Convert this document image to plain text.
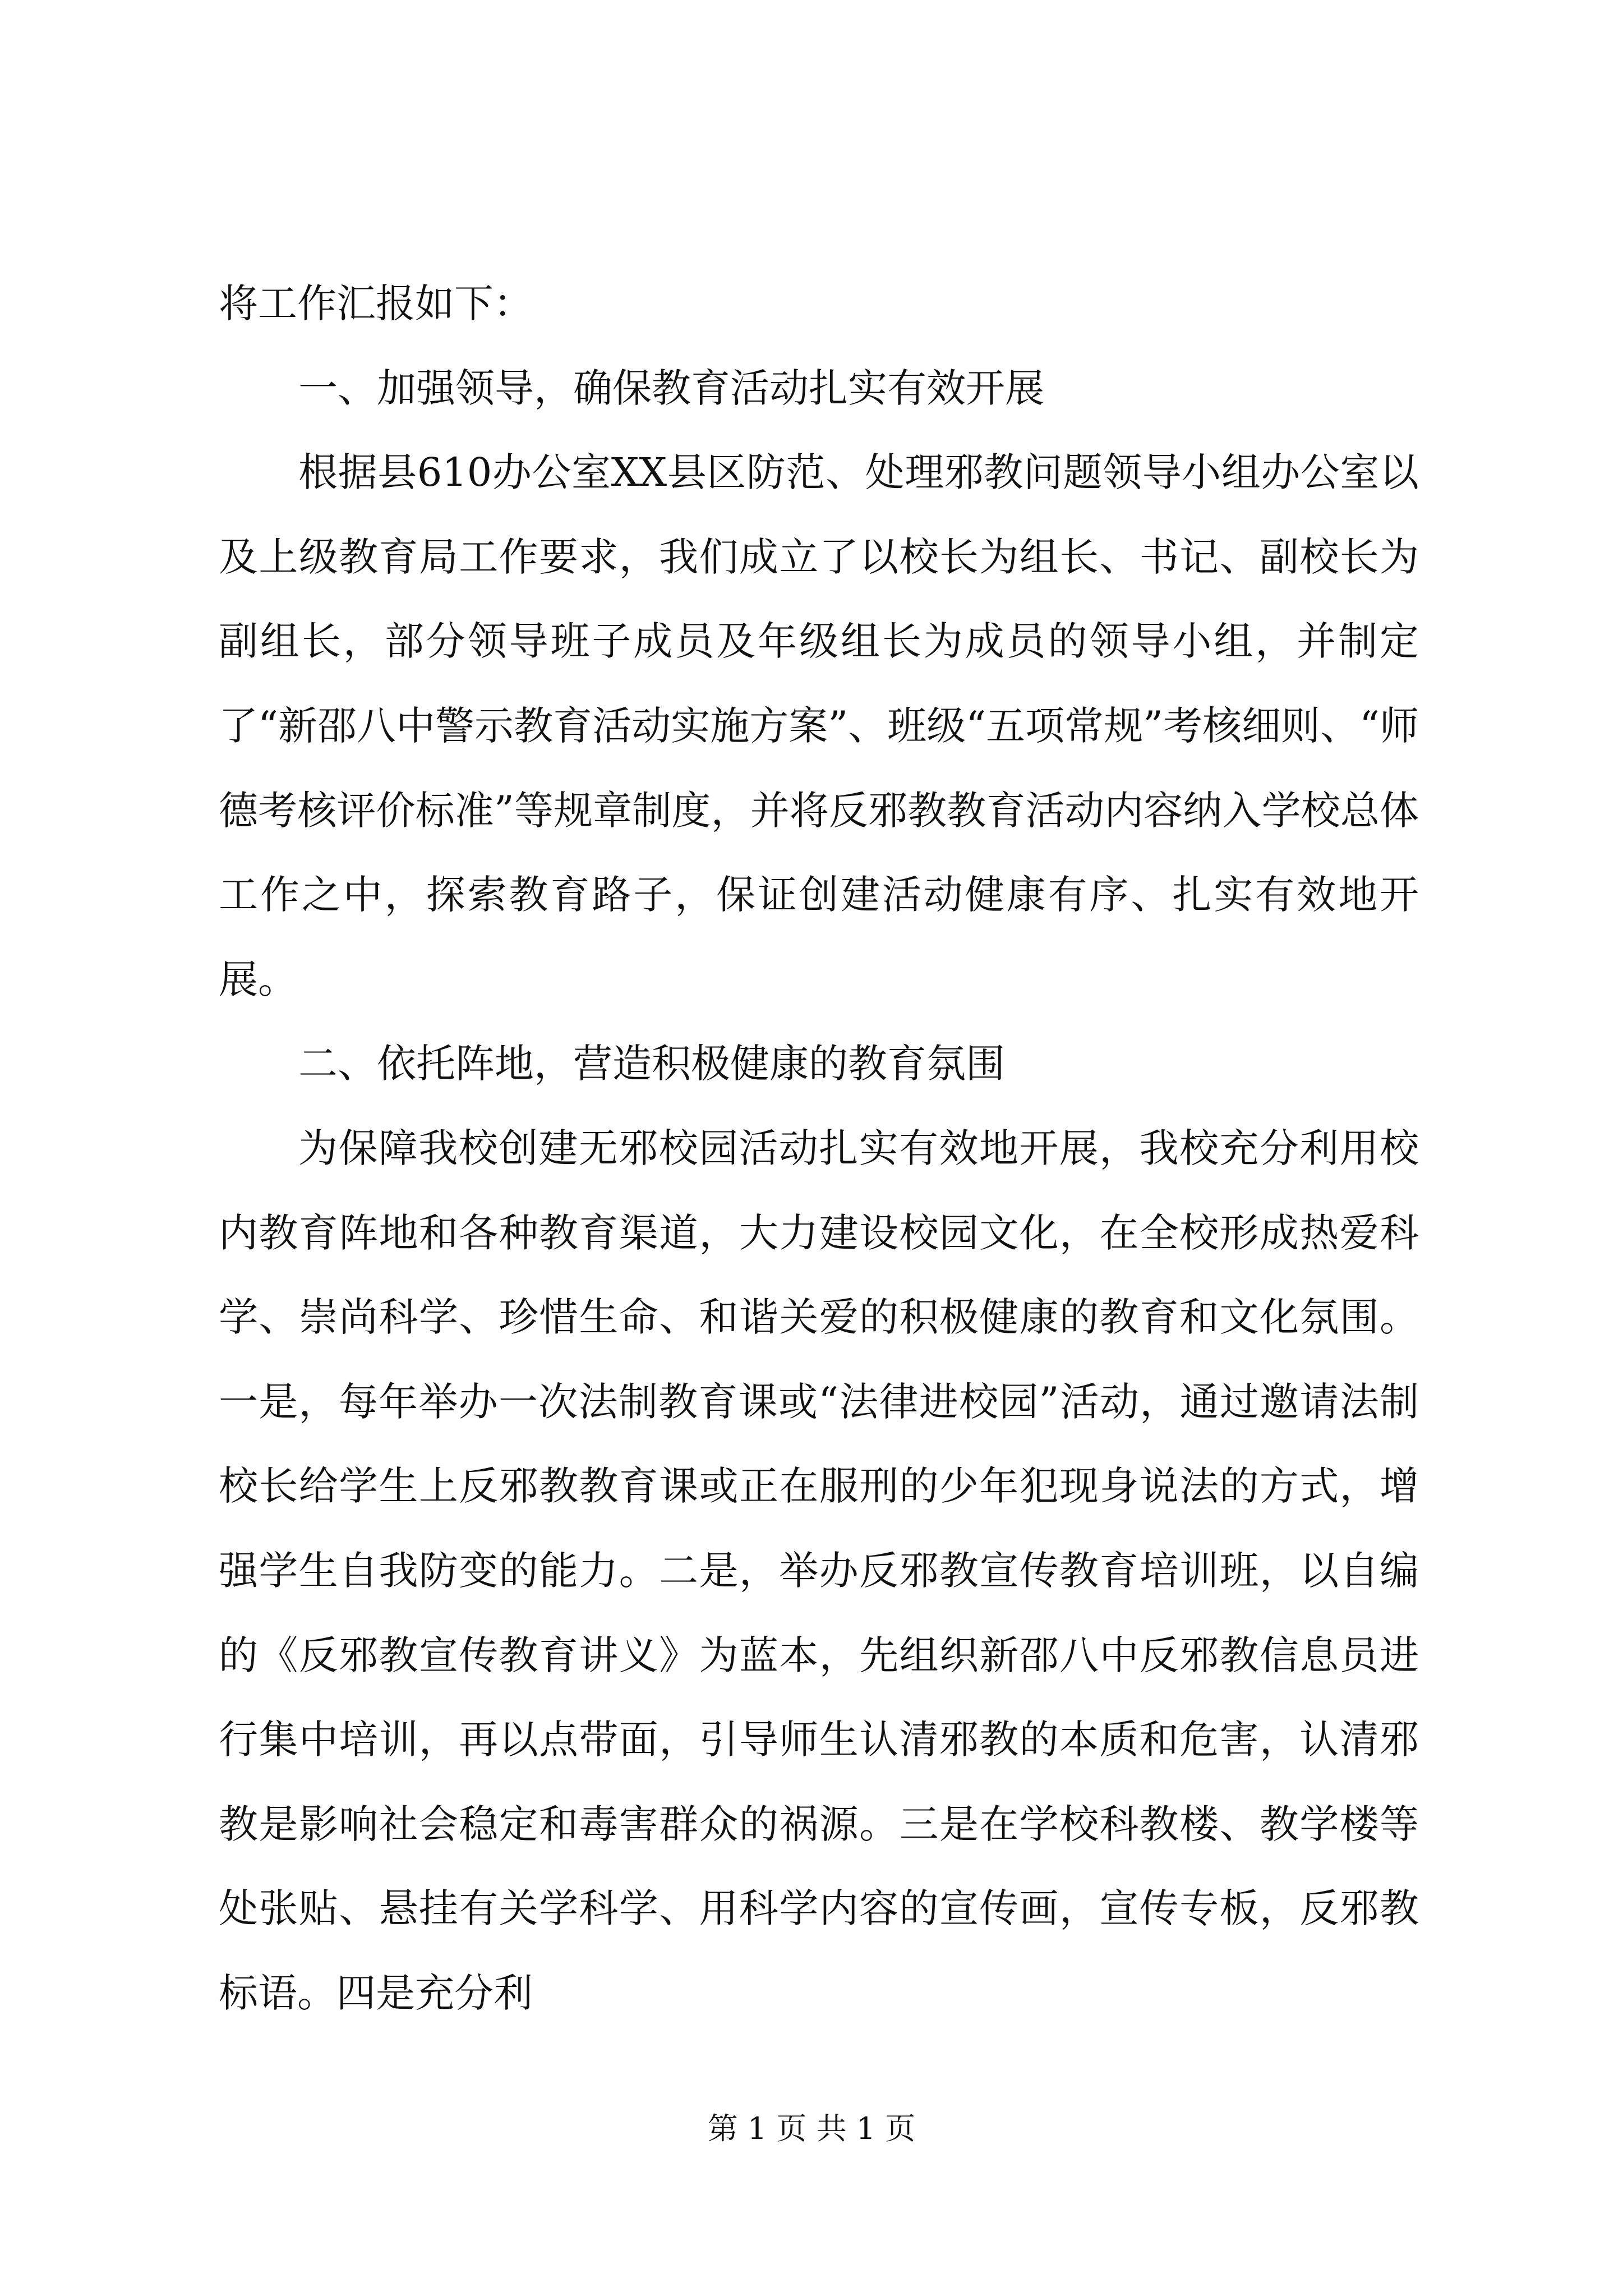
将工作汇报如下：

一、加强领导，确保教育活动扎实有效开展

根据县610办公室XX县区防范、处理邪教问题领导小组办公室以及上级教育局工作要求，我们成立了以校长为组长、书记、副校长为副组长，部分领导班子成员及年级组长为成员的领导小组，并制定了“新邵八中警示教育活动实施方案”、班级“五项常规”考核细则、“师德考核评价标准”等规章制度，并将反邪教教育活动内容纳入学校总体工作之中，探索教育路子，保证创建活动健康有序、扎实有效地开展。

二、依托阵地，营造积极健康的教育氛围

为保障我校创建无邪校园活动扎实有效地开展，我校充分利用校内教育阵地和各种教育渠道，大力建设校园文化，在全校形成热爱科学、崇尚科学、珍惜生命、和谐关爱的积极健康的教育和文化氛围。一是，每年举办一次法制教育课或“法律进校园”活动，通过邀请法制校长给学生上反邪教教育课或正在服刑的少年犯现身说法的方式，增强学生自我防变的能力。二是，举办反邪教宣传教育培训班，以自编的《反邪教宣传教育讲义》为蓝本，先组织新邵八中反邪教信息员进行集中培训，再以点带面，引导师生认清邪教的本质和危害，认清邪教是影响社会稳定和毒害群众的祸源。三是在学校科教楼、教学楼等处张贴、悬挂有关学科学、用科学内容的宣传画，宣传专板，反邪教标语。四是充分利

第 1 页 共 1 页
